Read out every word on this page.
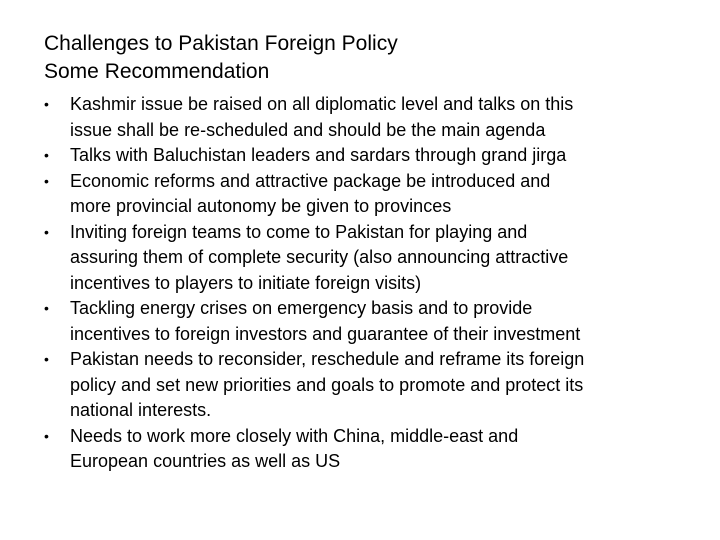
Challenges to Pakistan Foreign Policy
Some Recommendation
• Kashmir issue be raised on all diplomatic level and talks on this
issue shall be re-scheduled and should be the main agenda
• Talks with Baluchistan leaders and sardars through grand jirga
• Economic reforms and attractive package be introduced and
more provincial autonomy be given to provinces
• Inviting foreign teams to come to Pakistan for playing and
assuring them of complete security (also announcing attractive
incentives to players to initiate foreign visits)
• Tackling energy crises on emergency basis and to provide
incentives to foreign investors and guarantee of their investment
• Pakistan needs to reconsider, reschedule and reframe its foreign
policy and set new priorities and goals to promote and protect its
national interests.
• Needs to work more closely with China, middle-east and
European countries as well as US
